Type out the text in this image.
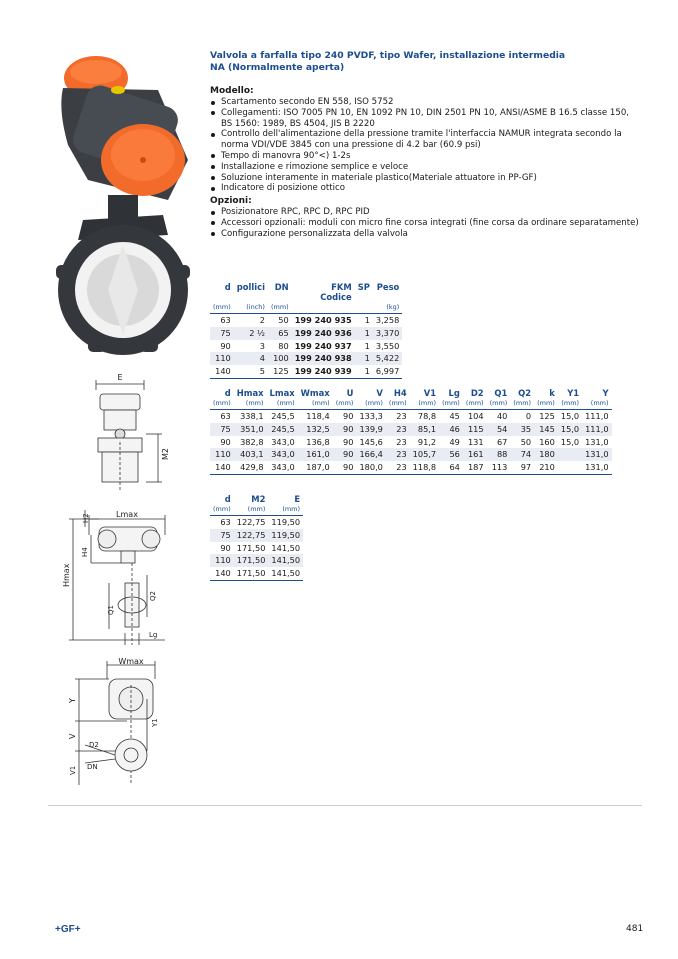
E
M2
Lmax
H2
Hmax
H4
Q1
Q2
Lg
Wmax
Y
Y1
V
V1
D2
DN
Valvola a farfalla tipo 240 PVDF, tipo Wafer, installazione intermedia
NA (Normalmente aperta)
Modello:
Scartamento secondo EN 558, ISO 5752
Collegamenti: ISO 7005 PN 10, EN 1092 PN 10, DIN 2501 PN 10, ANSI/ASME B 16.5 classe 150, BS 1560: 1989, BS 4504, JIS B 2220
Controllo dell'alimentazione della pressione tramite l'interfaccia NAMUR integrata secondo la norma VDI/VDE 3845 con una pressione di 4.2 bar (60.9 psi)
Tempo di manovra 90°<) 1-2s
Installazione e rimozione semplice e veloce
Soluzione interamente in materiale plastico(Materiale attuatore in PP-GF)
Indicatore di posizione ottico
Opzioni:
Posizionatore RPC, RPC D, RPC PID
Accessori opzionali: moduli con micro fine corsa integrati (fine corsa da ordinare separatamente)
Configurazione personalizzata della valvola
d	pollici	DN	FKM	SP	Peso
			Codice		
(mm)	(inch)	(mm)			(kg)
63	2	50	199 240 935	1	3,258
75	2 ½	65	199 240 936	1	3,370
90	3	80	199 240 937	1	3,550
110	4	100	199 240 938	1	5,422
140	5	125	199 240 939	1	6,997
d	Hmax	Lmax	Wmax	U	V	H4	V1	Lg	D2	Q1	Q2	k	Y1	Y
(mm)	(mm)	(mm)	(mm)	(mm)	(mm)	(mm)	(mm)	(mm)	(mm)	(mm)	(mm)	(mm)	(mm)	(mm)
63	338,1	245,5	118,4	90	133,3	23	78,8	45	104	40	0	125	15,0	111,0
75	351,0	245,5	132,5	90	139,9	23	85,1	46	115	54	35	145	15,0	111,0
90	382,8	343,0	136,8	90	145,6	23	91,2	49	131	67	50	160	15,0	131,0
110	403,1	343,0	161,0	90	166,4	23	105,7	56	161	88	74	180		131,0
140	429,8	343,0	187,0	90	180,0	23	118,8	64	187	113	97	210		131,0
d	M2	E
(mm)	(mm)	(mm)
63	122,75	119,50
75	122,75	119,50
90	171,50	141,50
110	171,50	141,50
140	171,50	141,50
+GF+	481
